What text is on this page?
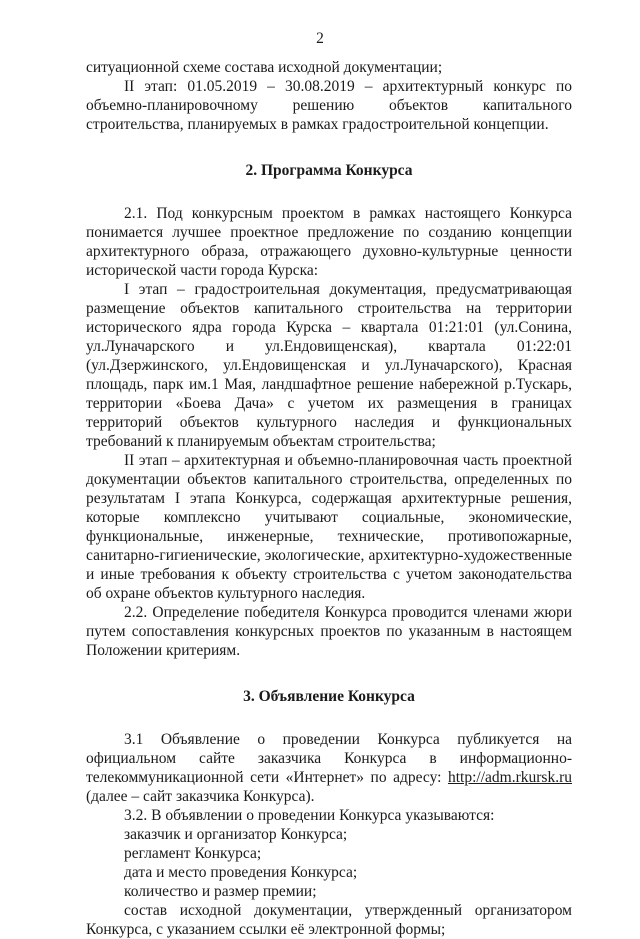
2

ситуационной схеме состава исходной документации;

II этап: 01.05.2019 – 30.08.2019 – архитектурный конкурс по объемно-планировочному решению объектов капитального строительства, планируемых в рамках градостроительной концепции.

2. Программа Конкурса

2.1. Под конкурсным проектом в рамках настоящего Конкурса понимается лучшее проектное предложение по созданию концепции архитектурного образа, отражающего духовно-культурные ценности исторической части города Курска:

I этап – градостроительная документация, предусматривающая размещение объектов капитального строительства на территории исторического ядра города Курска – квартала 01:21:01 (ул.Сонина, ул.Луначарского и ул.Ендовищенская), квартала 01:22:01 (ул.Дзержинского, ул.Ендовищенская и ул.Луначарского), Красная площадь, парк им.1 Мая, ландшафтное решение набережной р.Тускарь, территории «Боева Дача» с учетом их размещения в границах территорий объектов культурного наследия и функциональных требований к планируемым объектам строительства;

II этап – архитектурная и объемно-планировочная часть проектной документации объектов капитального строительства, определенных по результатам I этапа Конкурса, содержащая архитектурные решения, которые комплексно учитывают социальные, экономические, функциональные, инженерные, технические, противопожарные, санитарно-гигиенические, экологические, архитектурно-художественные и иные требования к объекту строительства с учетом законодательства об охране объектов культурного наследия.

2.2. Определение победителя Конкурса проводится членами жюри путем сопоставления конкурсных проектов по указанным в настоящем Положении критериям.

3. Объявление Конкурса

3.1 Объявление о проведении Конкурса публикуется на официальном сайте заказчика Конкурса в информационно-телекоммуникационной сети «Интернет» по адресу: http://adm.rkursk.ru (далее – сайт заказчика Конкурса).

3.2. В объявлении о проведении Конкурса указываются:

заказчик и организатор Конкурса;

регламент Конкурса;

дата и место проведения Конкурса;

количество и размер премии;

состав исходной документации, утвержденный организатором Конкурса, с указанием ссылки её электронной формы;
